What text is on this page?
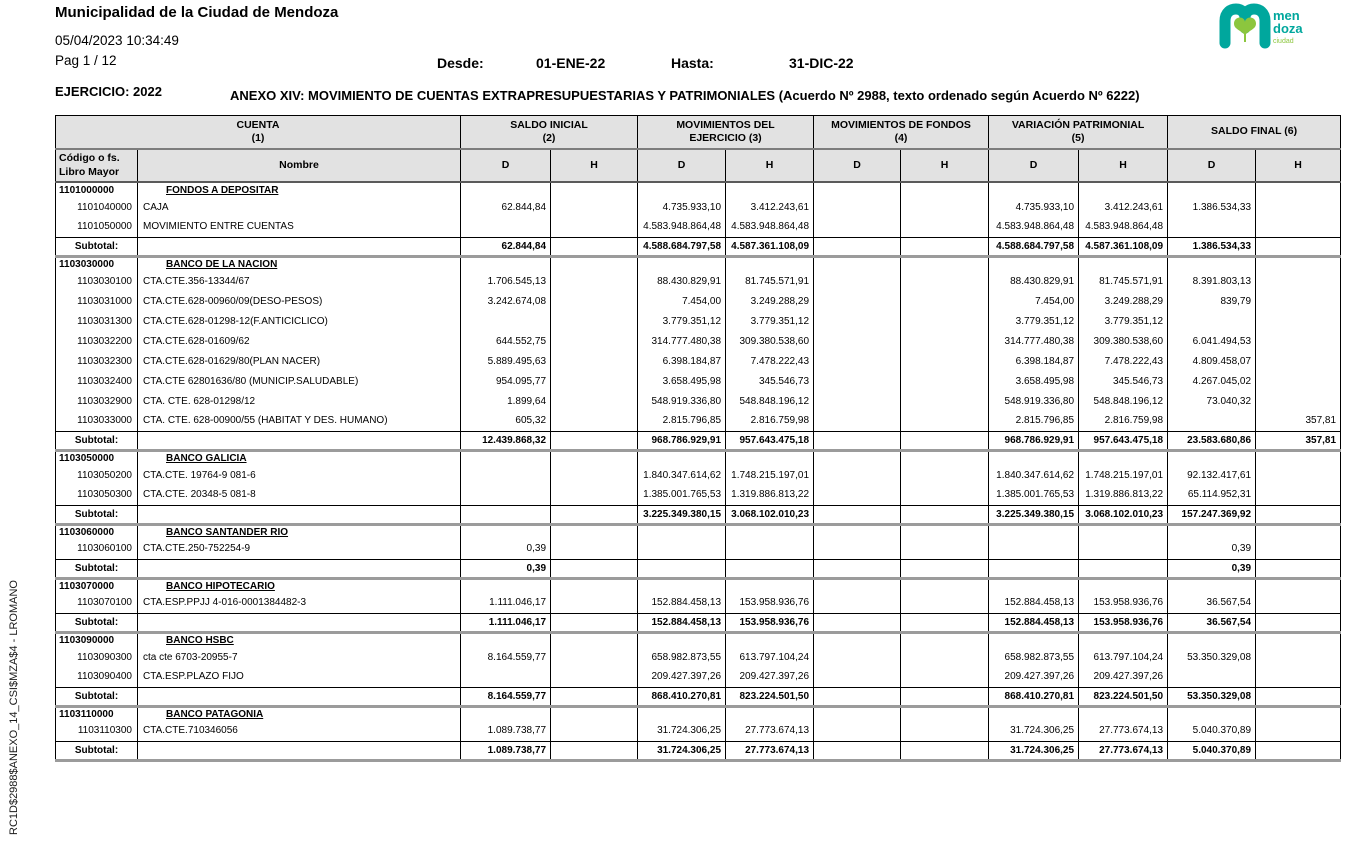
Municipalidad de la Ciudad de Mendoza
05/04/2023 10:34:49
Pag 1 / 12	Desde:	01-ENE-22	Hasta:	31-DIC-22
EJERCICIO: 2022	ANEXO XIV: MOVIMIENTO DE CUENTAS EXTRAPRESUPUESTARIAS Y PATRIMONIALES (Acuerdo Nº 2988, texto ordenado según Acuerdo Nº 6222)
men
doza
ciudad
RC1D$2988$ANEXO_14_CSI$MZA$4 - LROMANO
CUENTA
(1)

SALDO INICIAL
(2)

MOVIMIENTOS DEL
EJERCICIO (3)

MOVIMIENTOS DE FONDOS
(4)

VARIACIÓN PATRIMONIAL
(5)

SALDO FINAL (6)

Código o fs.
Libro Mayor	Nombre	D	H	D	H	D	H	D	H	D	H

1101000000	FONDOS A DEPOSITAR										
1101040000	CAJA	62.844,84		4.735.933,10	3.412.243,61			4.735.933,10	3.412.243,61	1.386.534,33	
1101050000	MOVIMIENTO ENTRE CUENTAS			4.583.948.864,48	4.583.948.864,48			4.583.948.864,48	4.583.948.864,48		
Subtotal:		62.844,84		4.588.684.797,58	4.587.361.108,09			4.588.684.797,58	4.587.361.108,09	1.386.534,33	
1103030000	BANCO DE LA NACION										
1103030100	CTA.CTE.356-13344/67	1.706.545,13		88.430.829,91	81.745.571,91			88.430.829,91	81.745.571,91	8.391.803,13	
1103031000	CTA.CTE.628-00960/09(DESO-PESOS)	3.242.674,08		7.454,00	3.249.288,29			7.454,00	3.249.288,29	839,79	
1103031300	CTA.CTE.628-01298-12(F.ANTICICLICO)			3.779.351,12	3.779.351,12			3.779.351,12	3.779.351,12		
1103032200	CTA.CTE.628-01609/62	644.552,75		314.777.480,38	309.380.538,60			314.777.480,38	309.380.538,60	6.041.494,53	
1103032300	CTA.CTE.628-01629/80(PLAN NACER)	5.889.495,63		6.398.184,87	7.478.222,43			6.398.184,87	7.478.222,43	4.809.458,07	
1103032400	CTA.CTE 62801636/80 (MUNICIP.SALUDABLE)	954.095,77		3.658.495,98	345.546,73			3.658.495,98	345.546,73	4.267.045,02	
1103032900	CTA. CTE. 628-01298/12	1.899,64		548.919.336,80	548.848.196,12			548.919.336,80	548.848.196,12	73.040,32	
1103033000	CTA. CTE. 628-00900/55 (HABITAT Y DES. HUMANO)	605,32		2.815.796,85	2.816.759,98			2.815.796,85	2.816.759,98		357,81
Subtotal:		12.439.868,32		968.786.929,91	957.643.475,18			968.786.929,91	957.643.475,18	23.583.680,86	357,81
1103050000	BANCO GALICIA										
1103050200	CTA.CTE. 19764-9 081-6			1.840.347.614,62	1.748.215.197,01			1.840.347.614,62	1.748.215.197,01	92.132.417,61	
1103050300	CTA.CTE. 20348-5 081-8			1.385.001.765,53	1.319.886.813,22			1.385.001.765,53	1.319.886.813,22	65.114.952,31	
Subtotal:				3.225.349.380,15	3.068.102.010,23			3.225.349.380,15	3.068.102.010,23	157.247.369,92	
1103060000	BANCO SANTANDER RIO										
1103060100	CTA.CTE.250-752254-9	0,39								0,39	
Subtotal:		0,39								0,39	
1103070000	BANCO HIPOTECARIO										
1103070100	CTA.ESP.PPJJ 4-016-0001384482-3	1.111.046,17		152.884.458,13	153.958.936,76			152.884.458,13	153.958.936,76	36.567,54	
Subtotal:		1.111.046,17		152.884.458,13	153.958.936,76			152.884.458,13	153.958.936,76	36.567,54	
1103090000	BANCO HSBC										
1103090300	cta cte 6703-20955-7	8.164.559,77		658.982.873,55	613.797.104,24			658.982.873,55	613.797.104,24	53.350.329,08	
1103090400	CTA.ESP.PLAZO FIJO			209.427.397,26	209.427.397,26			209.427.397,26	209.427.397,26		
Subtotal:		8.164.559,77		868.410.270,81	823.224.501,50			868.410.270,81	823.224.501,50	53.350.329,08	
1103110000	BANCO PATAGONIA										
1103110300	CTA.CTE.710346056	1.089.738,77		31.724.306,25	27.773.674,13			31.724.306,25	27.773.674,13	5.040.370,89	
Subtotal:		1.089.738,77		31.724.306,25	27.773.674,13			31.724.306,25	27.773.674,13	5.040.370,89	
